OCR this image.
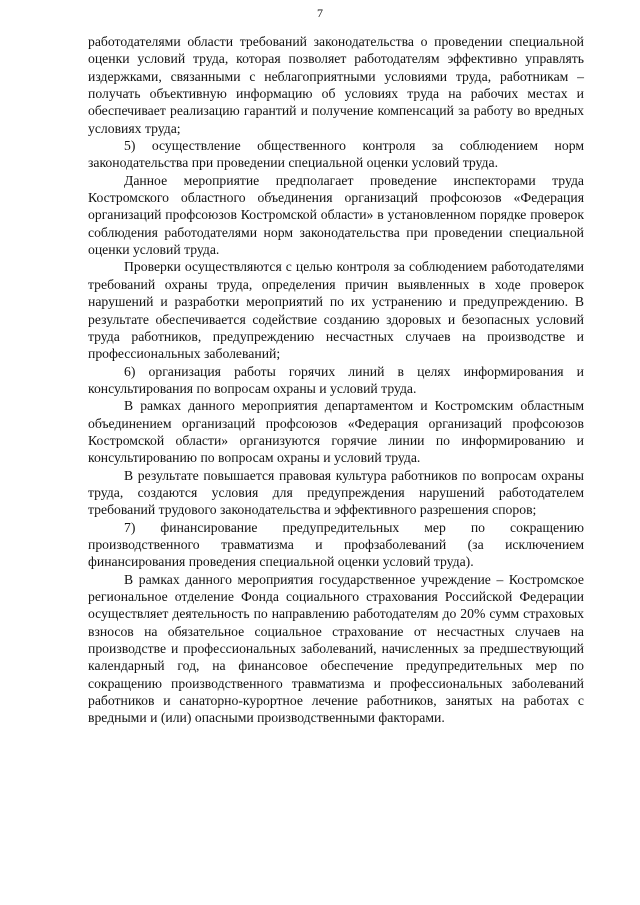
7

работодателями области требований законодательства о проведении специальной оценки условий труда, которая позволяет работодателям эффективно управлять издержками, связанными с неблагоприятными условиями труда, работникам – получать объективную информацию об условиях труда на рабочих местах и обеспечивает реализацию гарантий и получение компенсаций за работу во вредных условиях труда;

5) осуществление общественного контроля за соблюдением норм законодательства при проведении специальной оценки условий труда.

Данное мероприятие предполагает проведение инспекторами труда Костромского областного объединения организаций профсоюзов «Федерация организаций профсоюзов Костромской области» в установленном порядке проверок соблюдения работодателями норм законодательства при проведении специальной оценки условий труда.

Проверки осуществляются с целью контроля за соблюдением работодателями требований охраны труда, определения причин выявленных в ходе проверок нарушений и разработки мероприятий по их устранению и предупреждению. В результате обеспечивается содействие созданию здоровых и безопасных условий труда работников, предупреждению несчастных случаев на производстве и профессиональных заболеваний;

6) организация работы горячих линий в целях информирования и консультирования по вопросам охраны и условий труда.

В рамках данного мероприятия департаментом и Костромским областным объединением организаций профсоюзов «Федерация организаций профсоюзов Костромской области» организуются горячие линии по информированию и консультированию по вопросам охраны и условий труда.

В результате повышается правовая культура работников по вопросам охраны труда, создаются условия для предупреждения нарушений работодателем требований трудового законодательства и эффективного разрешения споров;

7) финансирование предупредительных мер по сокращению производственного травматизма и профзаболеваний (за исключением финансирования проведения специальной оценки условий труда).

В рамках данного мероприятия государственное учреждение – Костромское региональное отделение Фонда социального страхования Российской Федерации осуществляет деятельность по направлению работодателям до 20% сумм страховых взносов на обязательное социальное страхование от несчастных случаев на производстве и профессиональных заболеваний, начисленных за предшествующий календарный год, на финансовое обеспечение предупредительных мер по сокращению производственного травматизма и профессиональных заболеваний работников и санаторно-курортное лечение работников, занятых на работах с вредными и (или) опасными производственными факторами.
